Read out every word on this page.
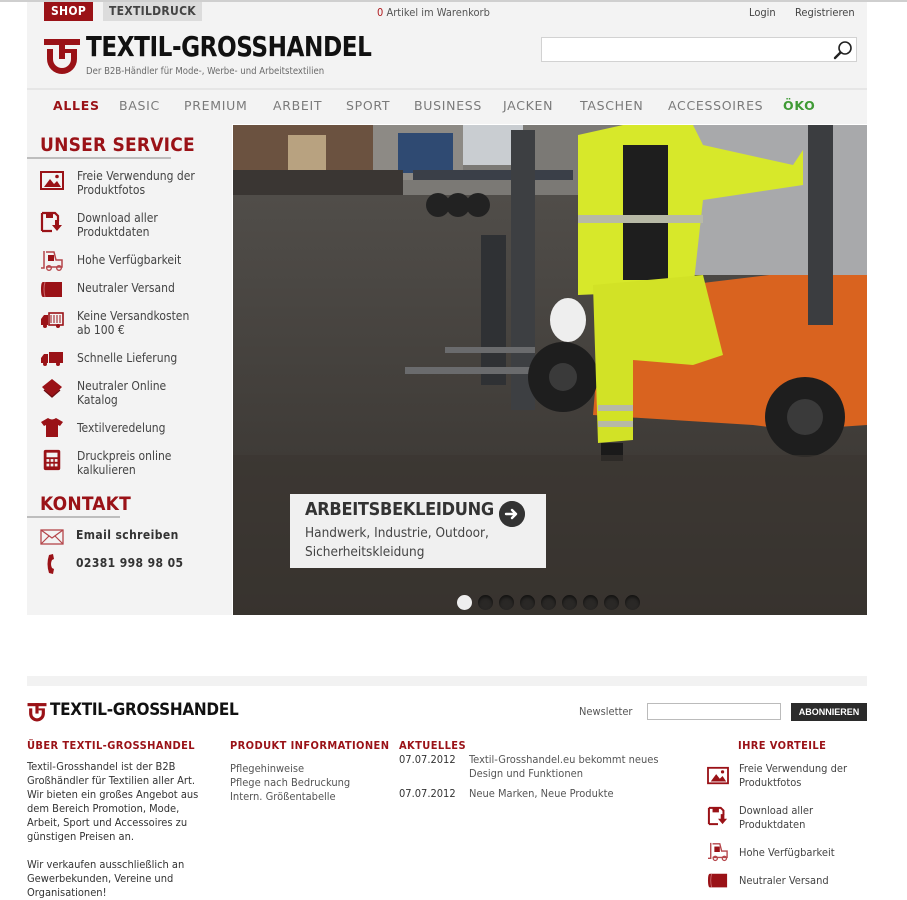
SHOP	TEXTILDRUCK	0 Artikel im Warenkorb	Login Registrieren
TEXTIL-GROSSHANDEL
Der B2B-Händler für Mode-, Werbe- und Arbeitstextilien
ALLES BASIC PREMIUM ARBEIT SPORT BUSINESS JACKEN TASCHEN ACCESSOIRES ÖKO
UNSER SERVICE
Freie Verwendung der
Produktfotos
Download aller
Produktdaten
Hohe Verfügbarkeit
Neutraler Versand
Keine Versandkosten
ab 100 €
Schnelle Lieferung
Neutraler Online
Katalog
Textilveredelung
Druckpreis online
kalkulieren
KONTAKT
Email schreiben
02381 998 98 05
ARBEITSBEKLEIDUNG
Handwerk, Industrie, Outdoor, Sicherheitskleidung
TEXTIL-GROSSHANDEL	Newsletter	ABONNIEREN
ÜBER TEXTIL-GROSSHANDEL
Textil-Grosshandel ist der B2B Großhändler für Textilien aller Art. Wir bieten ein großes Angebot aus dem Bereich Promotion, Mode, Arbeit, Sport und Accessoires zu günstigen Preisen an.
Wir verkaufen ausschließlich an Gewerbekunden, Vereine und Organisationen!
PRODUKT INFORMATIONEN
Pflegehinweise
Pflege nach Bedruckung
Intern. Größentabelle
AKTUELLES
07.07.2012 Textil-Grosshandel.eu bekommt neues Design und Funktionen
07.07.2012 Neue Marken, Neue Produkte
IHRE VORTEILE
Freie Verwendung der
Produktfotos
Download aller
Produktdaten
Hohe Verfügbarkeit
Neutraler Versand
